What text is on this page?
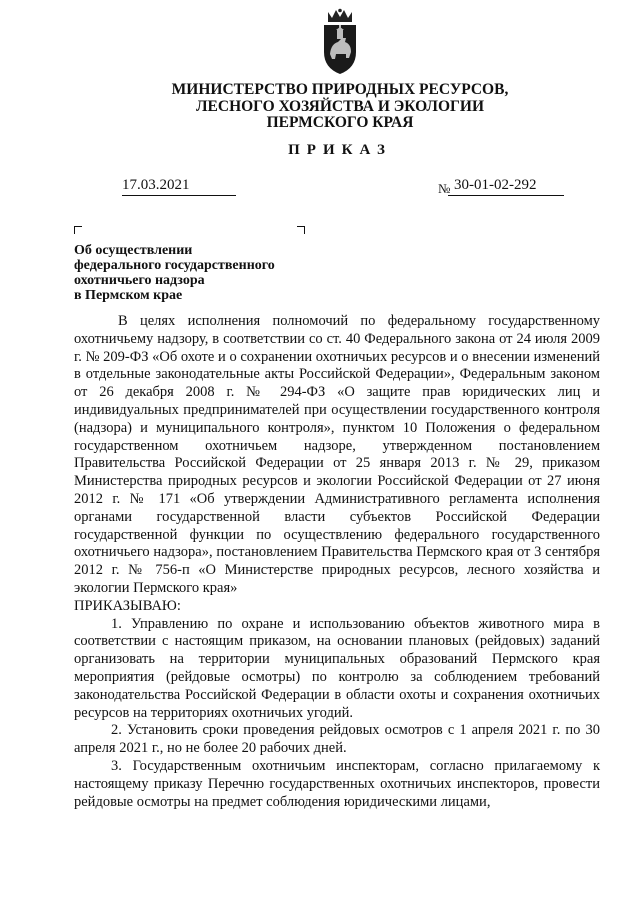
МИНИСТЕРСТВО ПРИРОДНЫХ РЕСУРСОВ,
ЛЕСНОГО ХОЗЯЙСТВА И ЭКОЛОГИИ
ПЕРМСКОГО КРАЯ
ПРИКАЗ
17.03.2021	№ 30-01-02-292
Об осуществлении
федерального государственного
охотничьего надзора
в Пермском крае

В целях исполнения полномочий по федеральному государственному охотничьему надзору, в соответствии со ст. 40 Федерального закона от 24 июля 2009 г. № 209-ФЗ «Об охоте и о сохранении охотничьих ресурсов и о внесении изменений в отдельные законодательные акты Российской Федерации», Федеральным законом от 26 декабря 2008 г. № 294-ФЗ «О защите прав юридических лиц и индивидуальных предпринимателей при осуществлении государственного контроля (надзора) и муниципального контроля», пунктом 10 Положения о федеральном государственном охотничьем надзоре, утвержденном постановлением Правительства Российской Федерации от 25 января 2013 г. № 29, приказом Министерства природных ресурсов и экологии Российской Федерации от 27 июня 2012 г. № 171 «Об утверждении Административного регламента исполнения органами государственной власти субъектов Российской Федерации государственной функции по осуществлению федерального государственного охотничьего надзора», постановлением Правительства Пермского края от 3 сентября 2012 г. № 756-п «О Министерстве природных ресурсов, лесного хозяйства и экологии Пермского края»

ПРИКАЗЫВАЮ:

1. Управлению по охране и использованию объектов животного мира в соответствии с настоящим приказом, на основании плановых (рейдовых) заданий организовать на территории муниципальных образований Пермского края мероприятия (рейдовые осмотры) по контролю за соблюдением требований законодательства Российской Федерации в области охоты и сохранения охотничьих ресурсов на территориях охотничьих угодий.

2. Установить сроки проведения рейдовых осмотров с 1 апреля 2021 г. по 30 апреля 2021 г., но не более 20 рабочих дней.

3. Государственным охотничьим инспекторам, согласно прилагаемому к настоящему приказу Перечню государственных охотничьих инспекторов, провести рейдовые осмотры на предмет соблюдения юридическими лицами,
